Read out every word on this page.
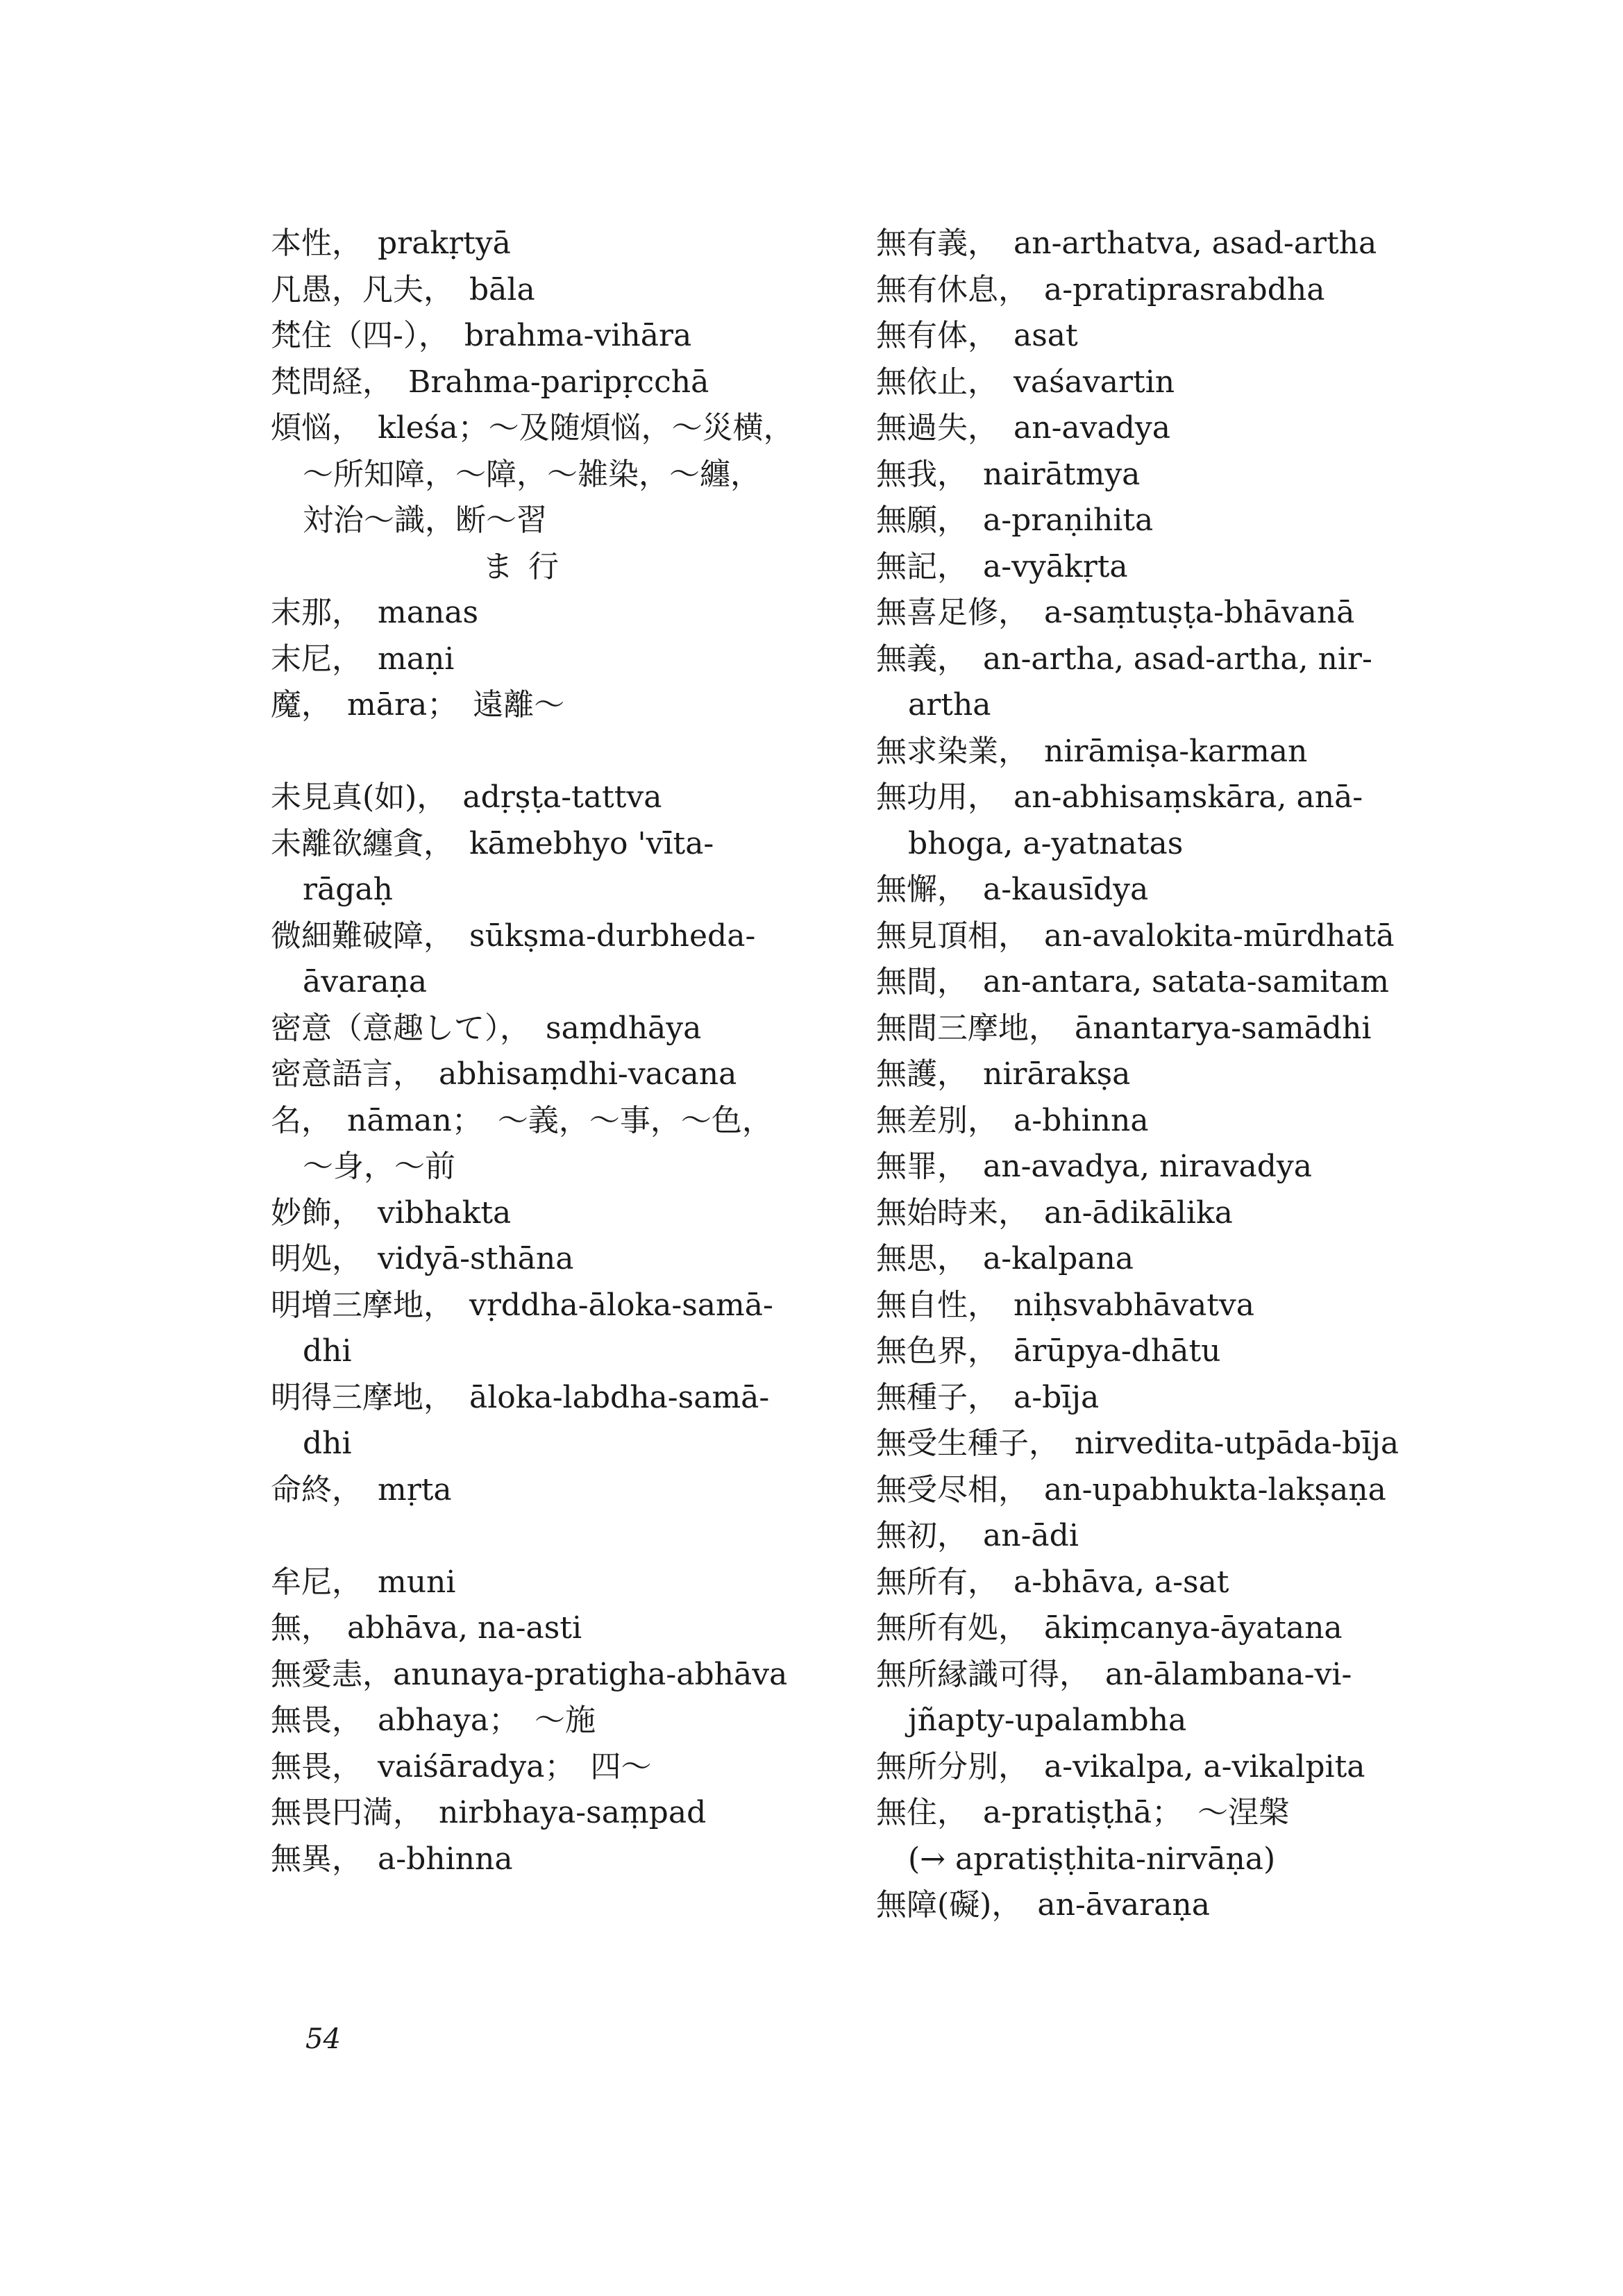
本性，　prakṛtyā
凡愚，凡夫，　bāla
梵住（四-），　brahma-vihāra
梵問経，　Brahma-paripṛcchā
煩悩，　kleśa；～及随煩悩，～災横，
～所知障，～障，～雑染，～纏，
対治～識，断～習
ま 行
末那，　manas
末尼，　maṇi
魔，　māra；　遠離～
未見真(如)，　adṛṣṭa-tattva
未離欲纏貪，　kāmebhyo 'vīta-
rāgaḥ
微細難破障，　sūkṣma-durbheda-
āvaraṇa
密意（意趣して），　saṃdhāya
密意語言，　abhisaṃdhi-vacana
名，　nāman；　～義，～事，～色，
～身，～前
妙飾，　vibhakta
明処，　vidyā-sthāna
明増三摩地，　vṛddha-āloka-samā-
dhi
明得三摩地，　āloka-labdha-samā-
dhi
命終，　mṛta
牟尼，　muni
無，　abhāva, na-asti
無愛恚，anunaya-pratigha-abhāva
無畏，　abhaya；　～施
無畏，　vaiśāradya；　四～
無畏円満，　nirbhaya-saṃpad
無異，　a-bhinna
無有義，　an-arthatva, asad-artha
無有休息，　a-pratiprasrabdha
無有体，　asat
無依止，　vaśavartin
無過失，　an-avadya
無我，　nairātmya
無願，　a-praṇihita
無記，　a-vyākṛta
無喜足修，　a-saṃtuṣṭa-bhāvanā
無義，　an-artha, asad-artha, nir-
artha
無求染業，　nirāmiṣa-karman
無功用，　an-abhisaṃskāra, anā-
bhoga, a-yatnatas
無懈，　a-kausīdya
無見頂相，　an-avalokita-mūrdhatā
無間，　an-antara, satata-samitam
無間三摩地，　ānantarya-samādhi
無護，　nirārakṣa
無差別，　a-bhinna
無罪，　an-avadya, niravadya
無始時来，　an-ādikālika
無思，　a-kalpana
無自性，　niḥsvabhāvatva
無色界，　ārūpya-dhātu
無種子，　a-bīja
無受生種子，　nirvedita-utpāda-bīja
無受尽相，　an-upabhukta-lakṣaṇa
無初，　an-ādi
無所有，　a-bhāva, a-sat
無所有処，　ākiṃcanya-āyatana
無所縁識可得，　an-ālambana-vi-
jñapty-upalambha
無所分別，　a-vikalpa, a-vikalpita
無住，　a-pratiṣṭhā；　～涅槃
(→ apratiṣṭhita-nirvāṇa)
無障(礙)，　an-āvaraṇa
54
